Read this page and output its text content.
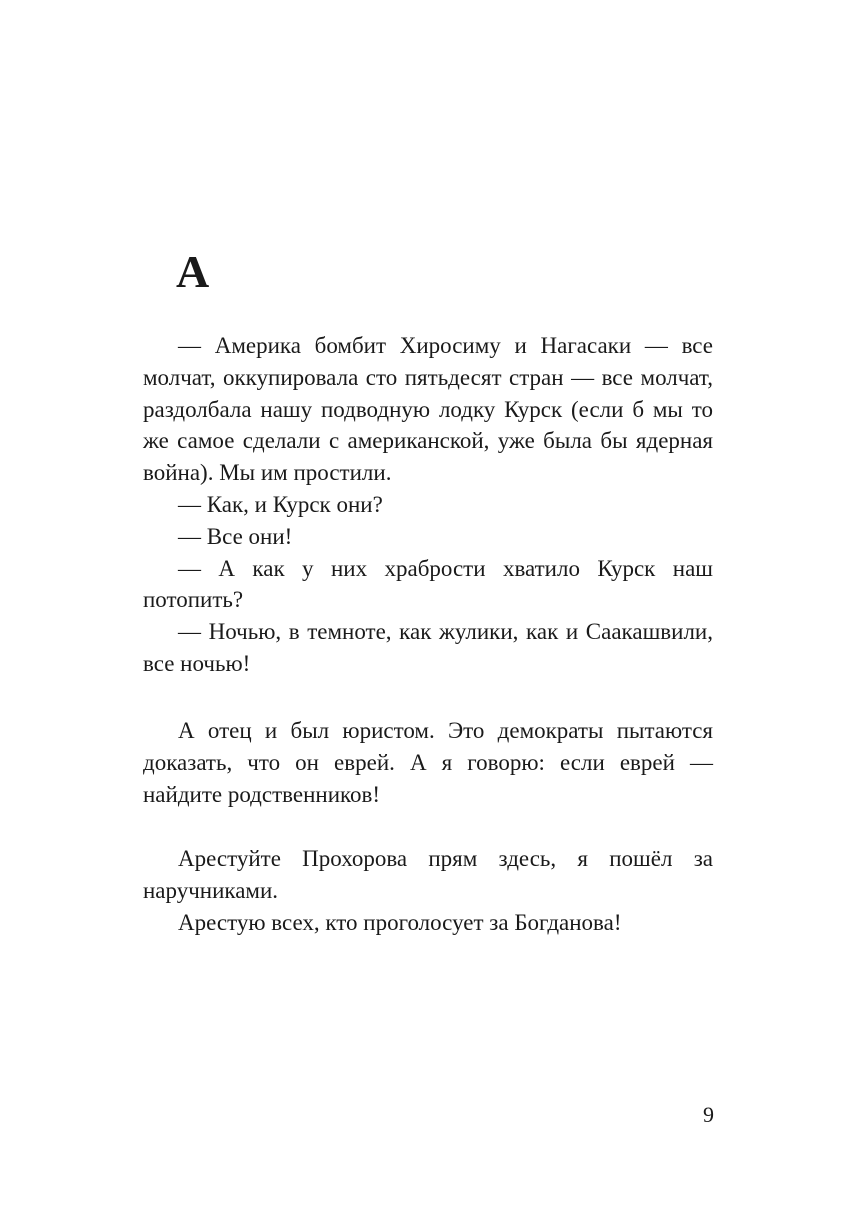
А

— Америка бомбит Хиросиму и Нагасаки — все молчат, оккупировала сто пятьдесят стран — все молчат, раздолбала нашу подводную лодку Курск (если б мы то же самое сделали с американской, уже была бы ядерная война). Мы им простили.

— Как, и Курск они?

— Все они!

— А как у них храбрости хватило Курск наш потопить?

— Ночью, в темноте, как жулики, как и Саакашвили, все ночью!

А отец и был юристом. Это демократы пытаются доказать, что он еврей. А я говорю: если еврей — найдите родственников!

Арестуйте Прохорова прям здесь, я пошёл за наручниками.

Арестую всех, кто проголосует за Богданова!

9
